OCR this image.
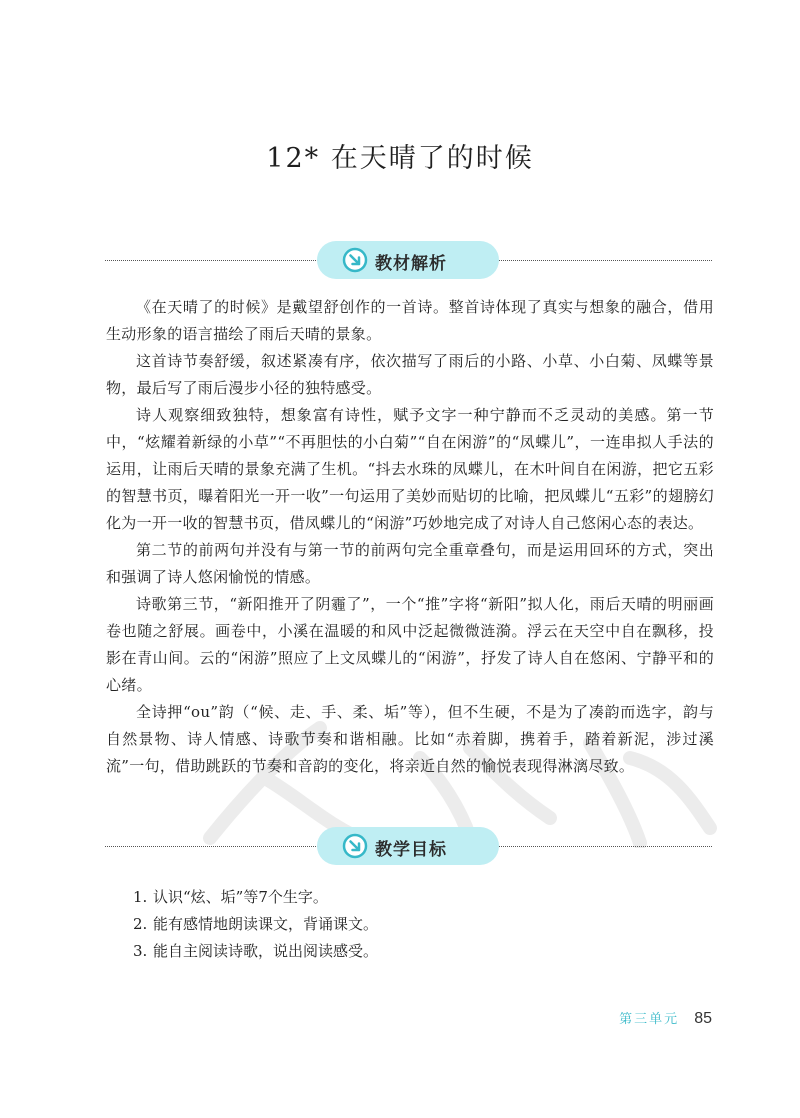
12* 在天晴了的时候
教材解析

《在天晴了的时候》是戴望舒创作的一首诗。整首诗体现了真实与想象的融合，借用生动形象的语言描绘了雨后天晴的景象。

这首诗节奏舒缓，叙述紧凑有序，依次描写了雨后的小路、小草、小白菊、凤蝶等景物，最后写了雨后漫步小径的独特感受。

诗人观察细致独特，想象富有诗性，赋予文字一种宁静而不乏灵动的美感。第一节中，“炫耀着新绿的小草”“不再胆怯的小白菊”“自在闲游”的“凤蝶儿”，一连串拟人手法的运用，让雨后天晴的景象充满了生机。“抖去水珠的凤蝶儿，在木叶间自在闲游，把它五彩的智慧书页，曝着阳光一开一收”一句运用了美妙而贴切的比喻，把凤蝶儿“五彩”的翅膀幻化为一开一收的智慧书页，借凤蝶儿的“闲游”巧妙地完成了对诗人自己悠闲心态的表达。

第二节的前两句并没有与第一节的前两句完全重章叠句，而是运用回环的方式，突出和强调了诗人悠闲愉悦的情感。

诗歌第三节，“新阳推开了阴霾了”，一个“推”字将“新阳”拟人化，雨后天晴的明丽画卷也随之舒展。画卷中，小溪在温暖的和风中泛起微微涟漪。浮云在天空中自在飘移，投影在青山间。云的“闲游”照应了上文凤蝶儿的“闲游”，抒发了诗人自在悠闲、宁静平和的心绪。

全诗押“ou”韵（“候、走、手、柔、垢”等），但不生硬，不是为了凑韵而选字，韵与自然景物、诗人情感、诗歌节奏和谐相融。比如“赤着脚，携着手，踏着新泥，涉过溪流”一句，借助跳跃的节奏和音韵的变化，将亲近自然的愉悦表现得淋漓尽致。

教学目标
1. 认识“炫、垢”等7个生字。
2. 能有感情地朗读课文，背诵课文。
3. 能自主阅读诗歌，说出阅读感受。
第三单元 85
